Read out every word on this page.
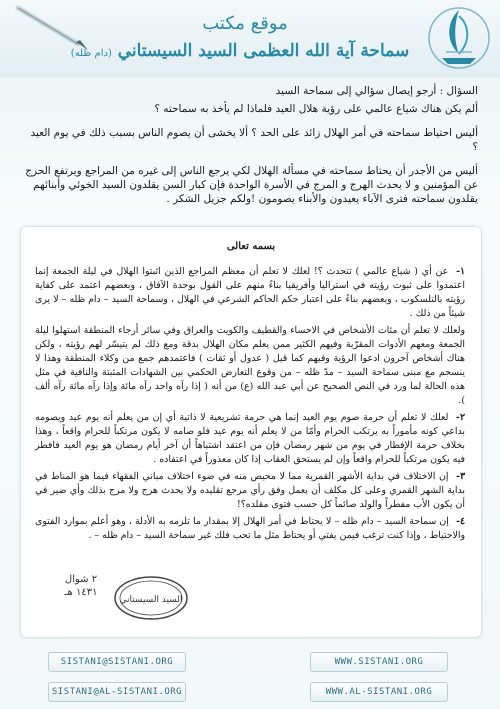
موقع مكتب
سماحة آية الله العظمى السيد السيستاني (دام ظله)

السؤال : أرجو إيصال سؤالي إلى سماحة السيد

ألم يكن هناك شياع عالمي على رؤية هلال العيد فلماذا لم يأخذ به سماحته ؟

أليس احتياط سماحته في أمر الهلال زائد على الحد ؟ ألا يخشى أن يصوم الناس بسبب ذلك في يوم العيد ؟

أليس من الأجدر أن يحتاط سماحته في مسألة الهلال لكي يرجع الناس إلى غيره من المراجع ويرتفع الحرج عن المؤمنين و لا يحدث الهرج و المرج في الأسرة الواحدة فإن كبار السن يقلدون السيد الخوئي وأبنائهم يقلدون سماحته فترى الآباء يعيدون والأبناء يصومون !ولكم جزيل الشكر .

بسمه تعالى

١- عن أي ( شياع عالمي ) تتحدث ؟! لعلك لا تعلم أن معظم المراجع الذين اثبتوا الهلال في ليلة الجمعة إنما اعتمدوا على ثبوت رؤيته في استراليا وأفريقيا بناءً منهم على القول بوحدة الآفاق ، وبعضهم اعتمد على كفاية رؤيته بالتلسكوب ، وبعضهم بناءً على اعتبار حكم الحاكم الشرعي في الهلال ، وسماحة السيد – دام ظله – لا يرى شيئاً من ذلك .

ولعلك لا تعلم أن مئات الأشخاص في الاحساء والقطيف والكويت والعراق وفي سائر أرجاء المنطقة استهلوا ليلة الجمعة ومعهم الأدوات المقرّبة وفيهم الكثير ممن يعلم مكان الهلال بدقة ومع ذلك لم يتيسّر لهم رؤيته ، ولكن هناك أشخاص آخرون ادعوا الرؤية وفيهم كما قيل ( عدول أو ثقات ) فاعتمدهم جمع من وكلاء المنطقة وهذا لا ينسجم مع مبنى سماحة السيد – مدّ ظله – من وقوع التعارض الحكمي بين الشهادات المثبتة والنافية في مثل هذه الحالة لما ورد في النص الصحيح عن أبي عبد الله (ع) من أنه ( إذا رآه واحد رآه مائة وإذا رآه مائة رآه ألف ).

٢- لعلك لا تعلم أن حرمة صوم يوم العيد إنما هي حرمة تشريعية لا ذاتية أي إن من يعلم أنه يوم عيد ويصومه بداعي كونه مأموراً به يرتكب الحرام وأمّا من لا يعلم أنه يوم عيد فلو صامه لا يكون مرتكباً للحرام واقعاً ، وهذا بخلاف حرمة الإفطار في يوم من شهر رمضان فإن من اعتقد اشتباهاً أن آخر أيام رمضان هو يوم العيد فافطر فيه يكون مرتكباً للحرام واقعاً وإن لم يستحق العقاب إذا كان معذوراً في اعتقاده .

٣- إن الاختلاف في بداية الأشهر القمرية مما لا محيص منه في ضوء اختلاف مباني الفقهاء فيما هو المناط في بداية الشهر القمري وعلى كل مكلف أن يعمل وفق رأي مرجع تقليده ولا يحدث هرج ولا مرج بذلك وأي ضير في أن يكون الأب مفطراً والولد صائماً كل حسب فتوى مقلده؟!

٤- إن سماحة السيد – دام ظله – لا يحتاط في أمر الهلال إلا بمقدار ما تلزمه به الأدلة ، وهو أعلم بموارد الفتوى والاحتياط ، وإذا كنت ترغب فيمن يفتي أو يحتاط مثل ما تحب فلك غير سماحة السيد – دام ظله – .

السيد السيستاني
٢ شوال
١٤٣١ هـ
SISTANI@SISTANI.ORG
SISTANI@AL-SISTANI.ORG
WWW.SISTANI.ORG
WWW.AL-SISTANI.ORG
